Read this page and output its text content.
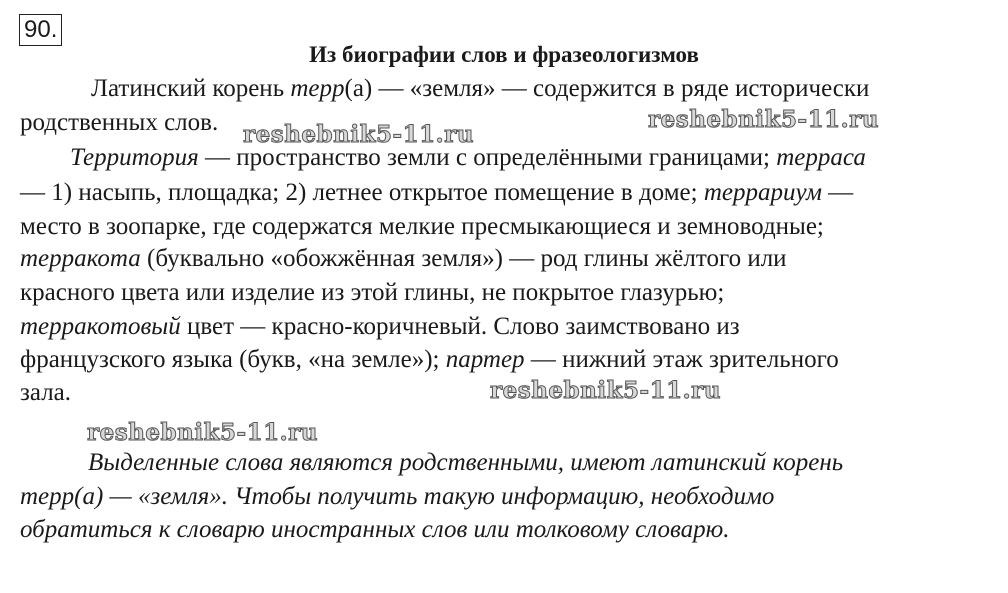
90.
Из биографии слов и фразеологизмов
Латинский корень терр(а) — «земля» — содержится в ряде исторически
родственных слов.
Территория — пространство земли с определёнными границами; терраса
— 1) насыпь, площадка; 2) летнее открытое помещение в доме; террариум —
место в зоопарке, где содержатся мелкие пресмыкающиеся и земноводные;
терракота (буквально «обожжённая земля») — род глины жёлтого или
красного цвета или изделие из этой глины, не покрытое глазурью;
терракотовый цвет — красно-коричневый. Слово заимствовано из
французского языка (букв, «на земле»); партер — нижний этаж зрительного
зала.
Выделенные слова являются родственными, имеют латинский корень
терр(а) — «земля». Чтобы получить такую информацию, необходимо
обратиться к словарю иностранных слов или толковому словарю.
reshebnik5-11.ru
reshebnik5-11.ru
reshebnik5-11.ru
reshebnik5-11.ru
